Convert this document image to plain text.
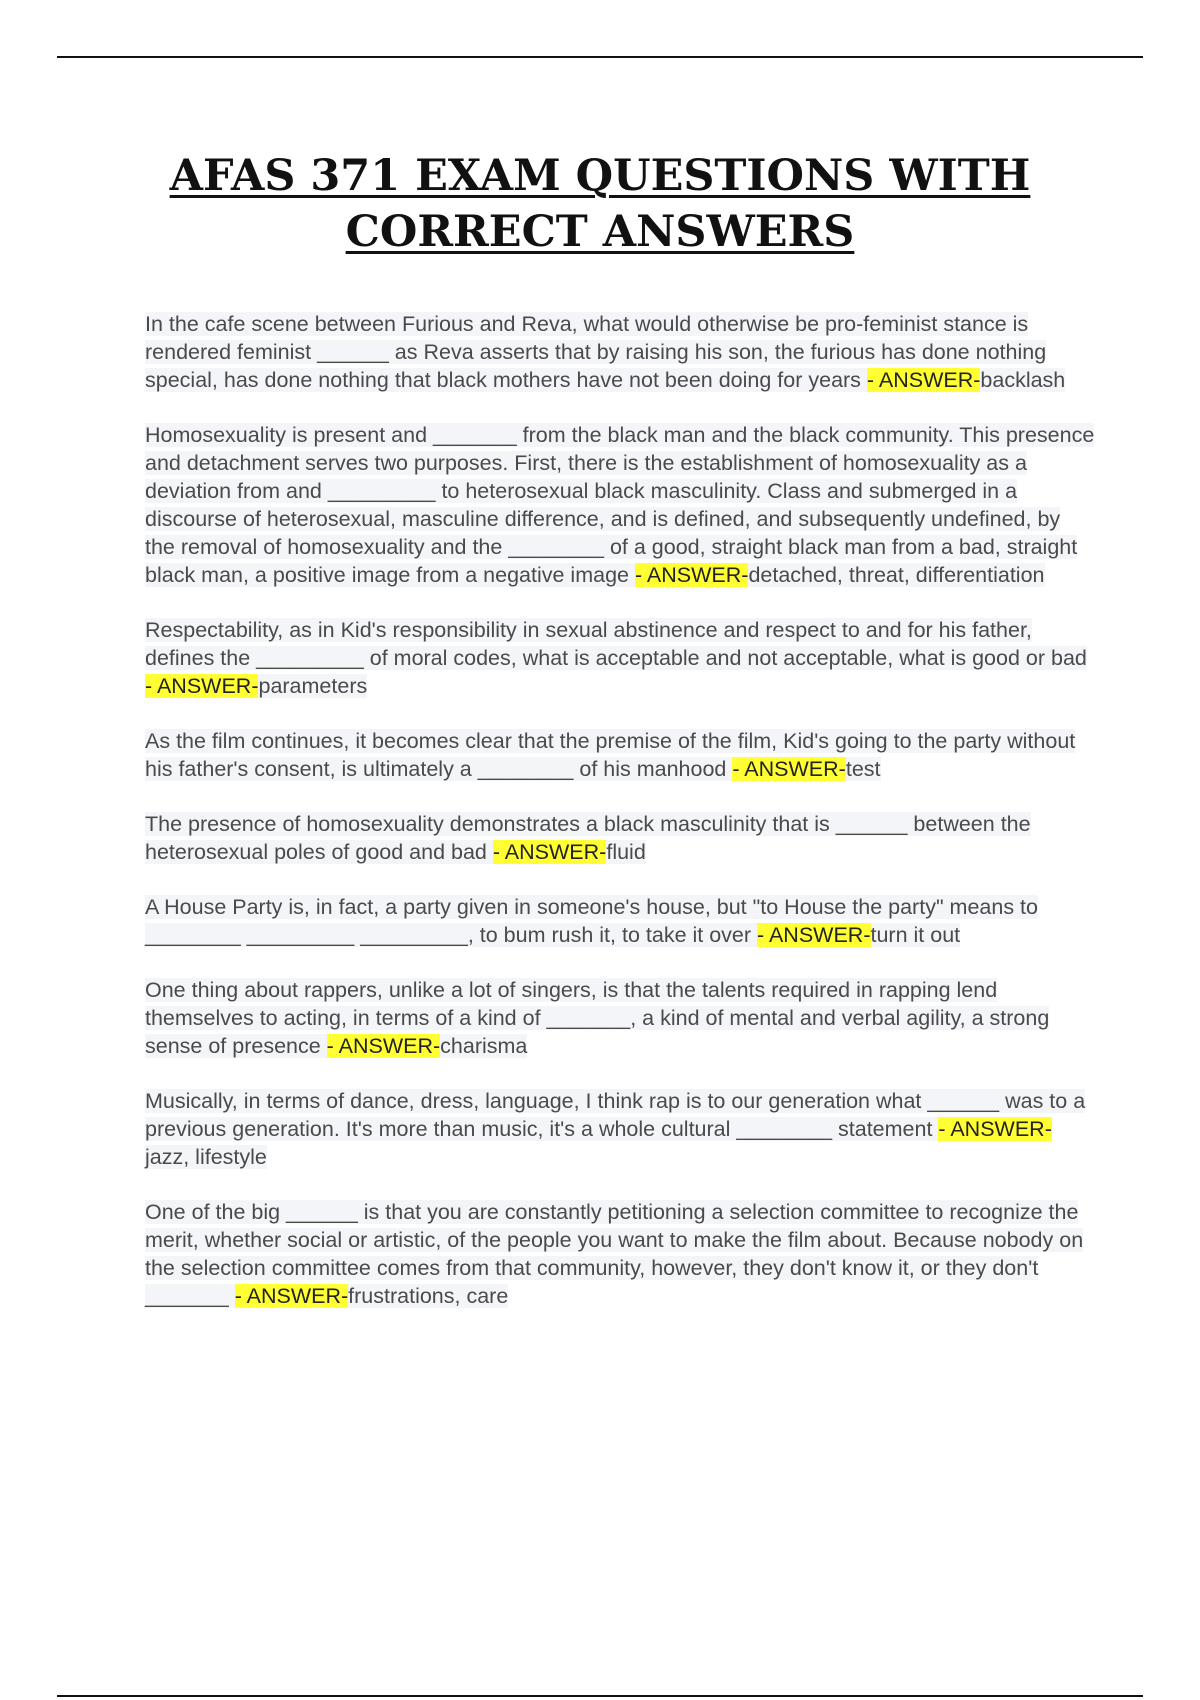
AFAS 371 EXAM QUESTIONS WITH
CORRECT ANSWERS

In the cafe scene between Furious and Reva, what would otherwise be pro-feminist stance is rendered feminist ______ as Reva asserts that by raising his son, the furious has done nothing special, has done nothing that black mothers have not been doing for years - ANSWER-backlash

Homosexuality is present and _______ from the black man and the black community. This presence and detachment serves two purposes. First, there is the establishment of homosexuality as a deviation from and _________ to heterosexual black masculinity. Class and submerged in a discourse of heterosexual, masculine difference, and is defined, and subsequently undefined, by the removal of homosexuality and the ________ of a good, straight black man from a bad, straight black man, a positive image from a negative image - ANSWER-detached, threat, differentiation

Respectability, as in Kid's responsibility in sexual abstinence and respect to and for his father, defines the _________ of moral codes, what is acceptable and not acceptable, what is good or bad - ANSWER-parameters

As the film continues, it becomes clear that the premise of the film, Kid's going to the party without his father's consent, is ultimately a ________ of his manhood - ANSWER-test

The presence of homosexuality demonstrates a black masculinity that is ______ between the heterosexual poles of good and bad - ANSWER-fluid

A House Party is, in fact, a party given in someone's house, but "to House the party" means to ________ _________ _________, to bum rush it, to take it over - ANSWER-turn it out

One thing about rappers, unlike a lot of singers, is that the talents required in rapping lend themselves to acting, in terms of a kind of _______, a kind of mental and verbal agility, a strong sense of presence - ANSWER-charisma

Musically, in terms of dance, dress, language, I think rap is to our generation what ______ was to a previous generation. It's more than music, it's a whole cultural ________ statement - ANSWER-jazz, lifestyle

One of the big ______ is that you are constantly petitioning a selection committee to recognize the merit, whether social or artistic, of the people you want to make the film about. Because nobody on the selection committee comes from that community, however, they don't know it, or they don't _______ - ANSWER-frustrations, care
